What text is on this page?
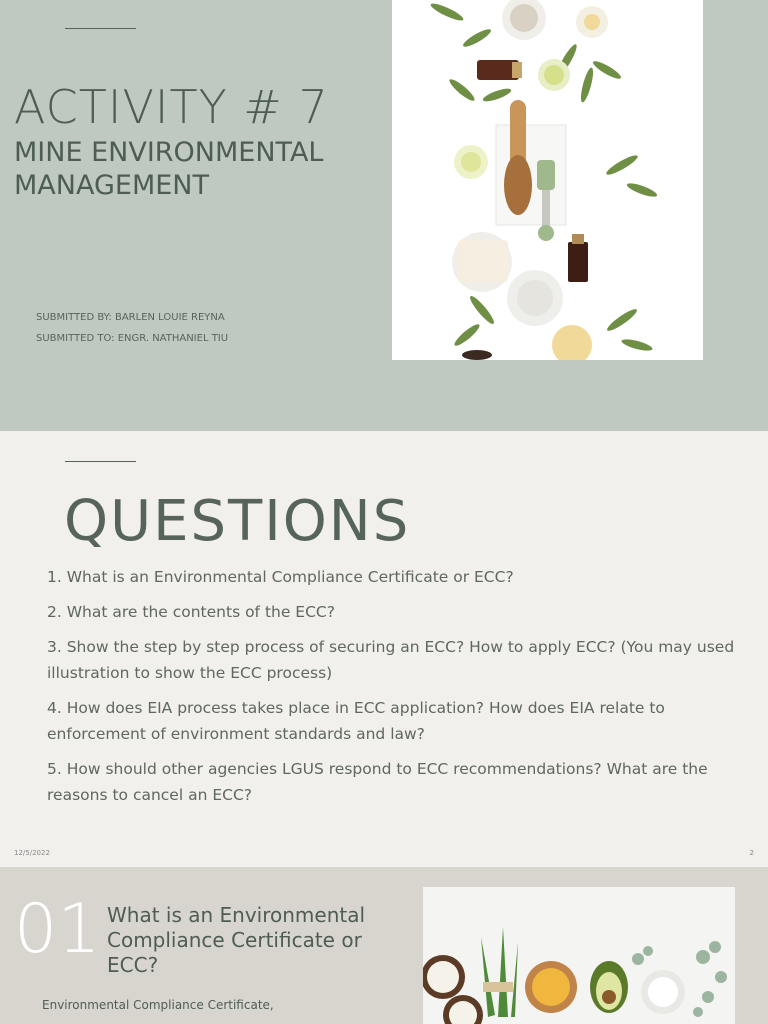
ACTIVITY # 7
MINE ENVIRONMENTAL
MANAGEMENT
SUBMITTED BY: BARLEN LOUIE REYNA
SUBMITTED TO: ENGR. NATHANIEL TIU
QUESTIONS
1. What is an Environmental Compliance Certificate or ECC?
2. What are the contents of the ECC?
3. Show the step by step process of securing an ECC? How to apply ECC? (You may used illustration to show the ECC process)
4. How does EIA process takes place in ECC application? How does EIA relate to enforcement of environment standards and law?
5. How should other agencies LGUS respond to ECC recommendations? What are the reasons to cancel an ECC?
12/5/2022	2
01 What is an Environmental Compliance Certificate or ECC?
Environmental Compliance Certificate,
